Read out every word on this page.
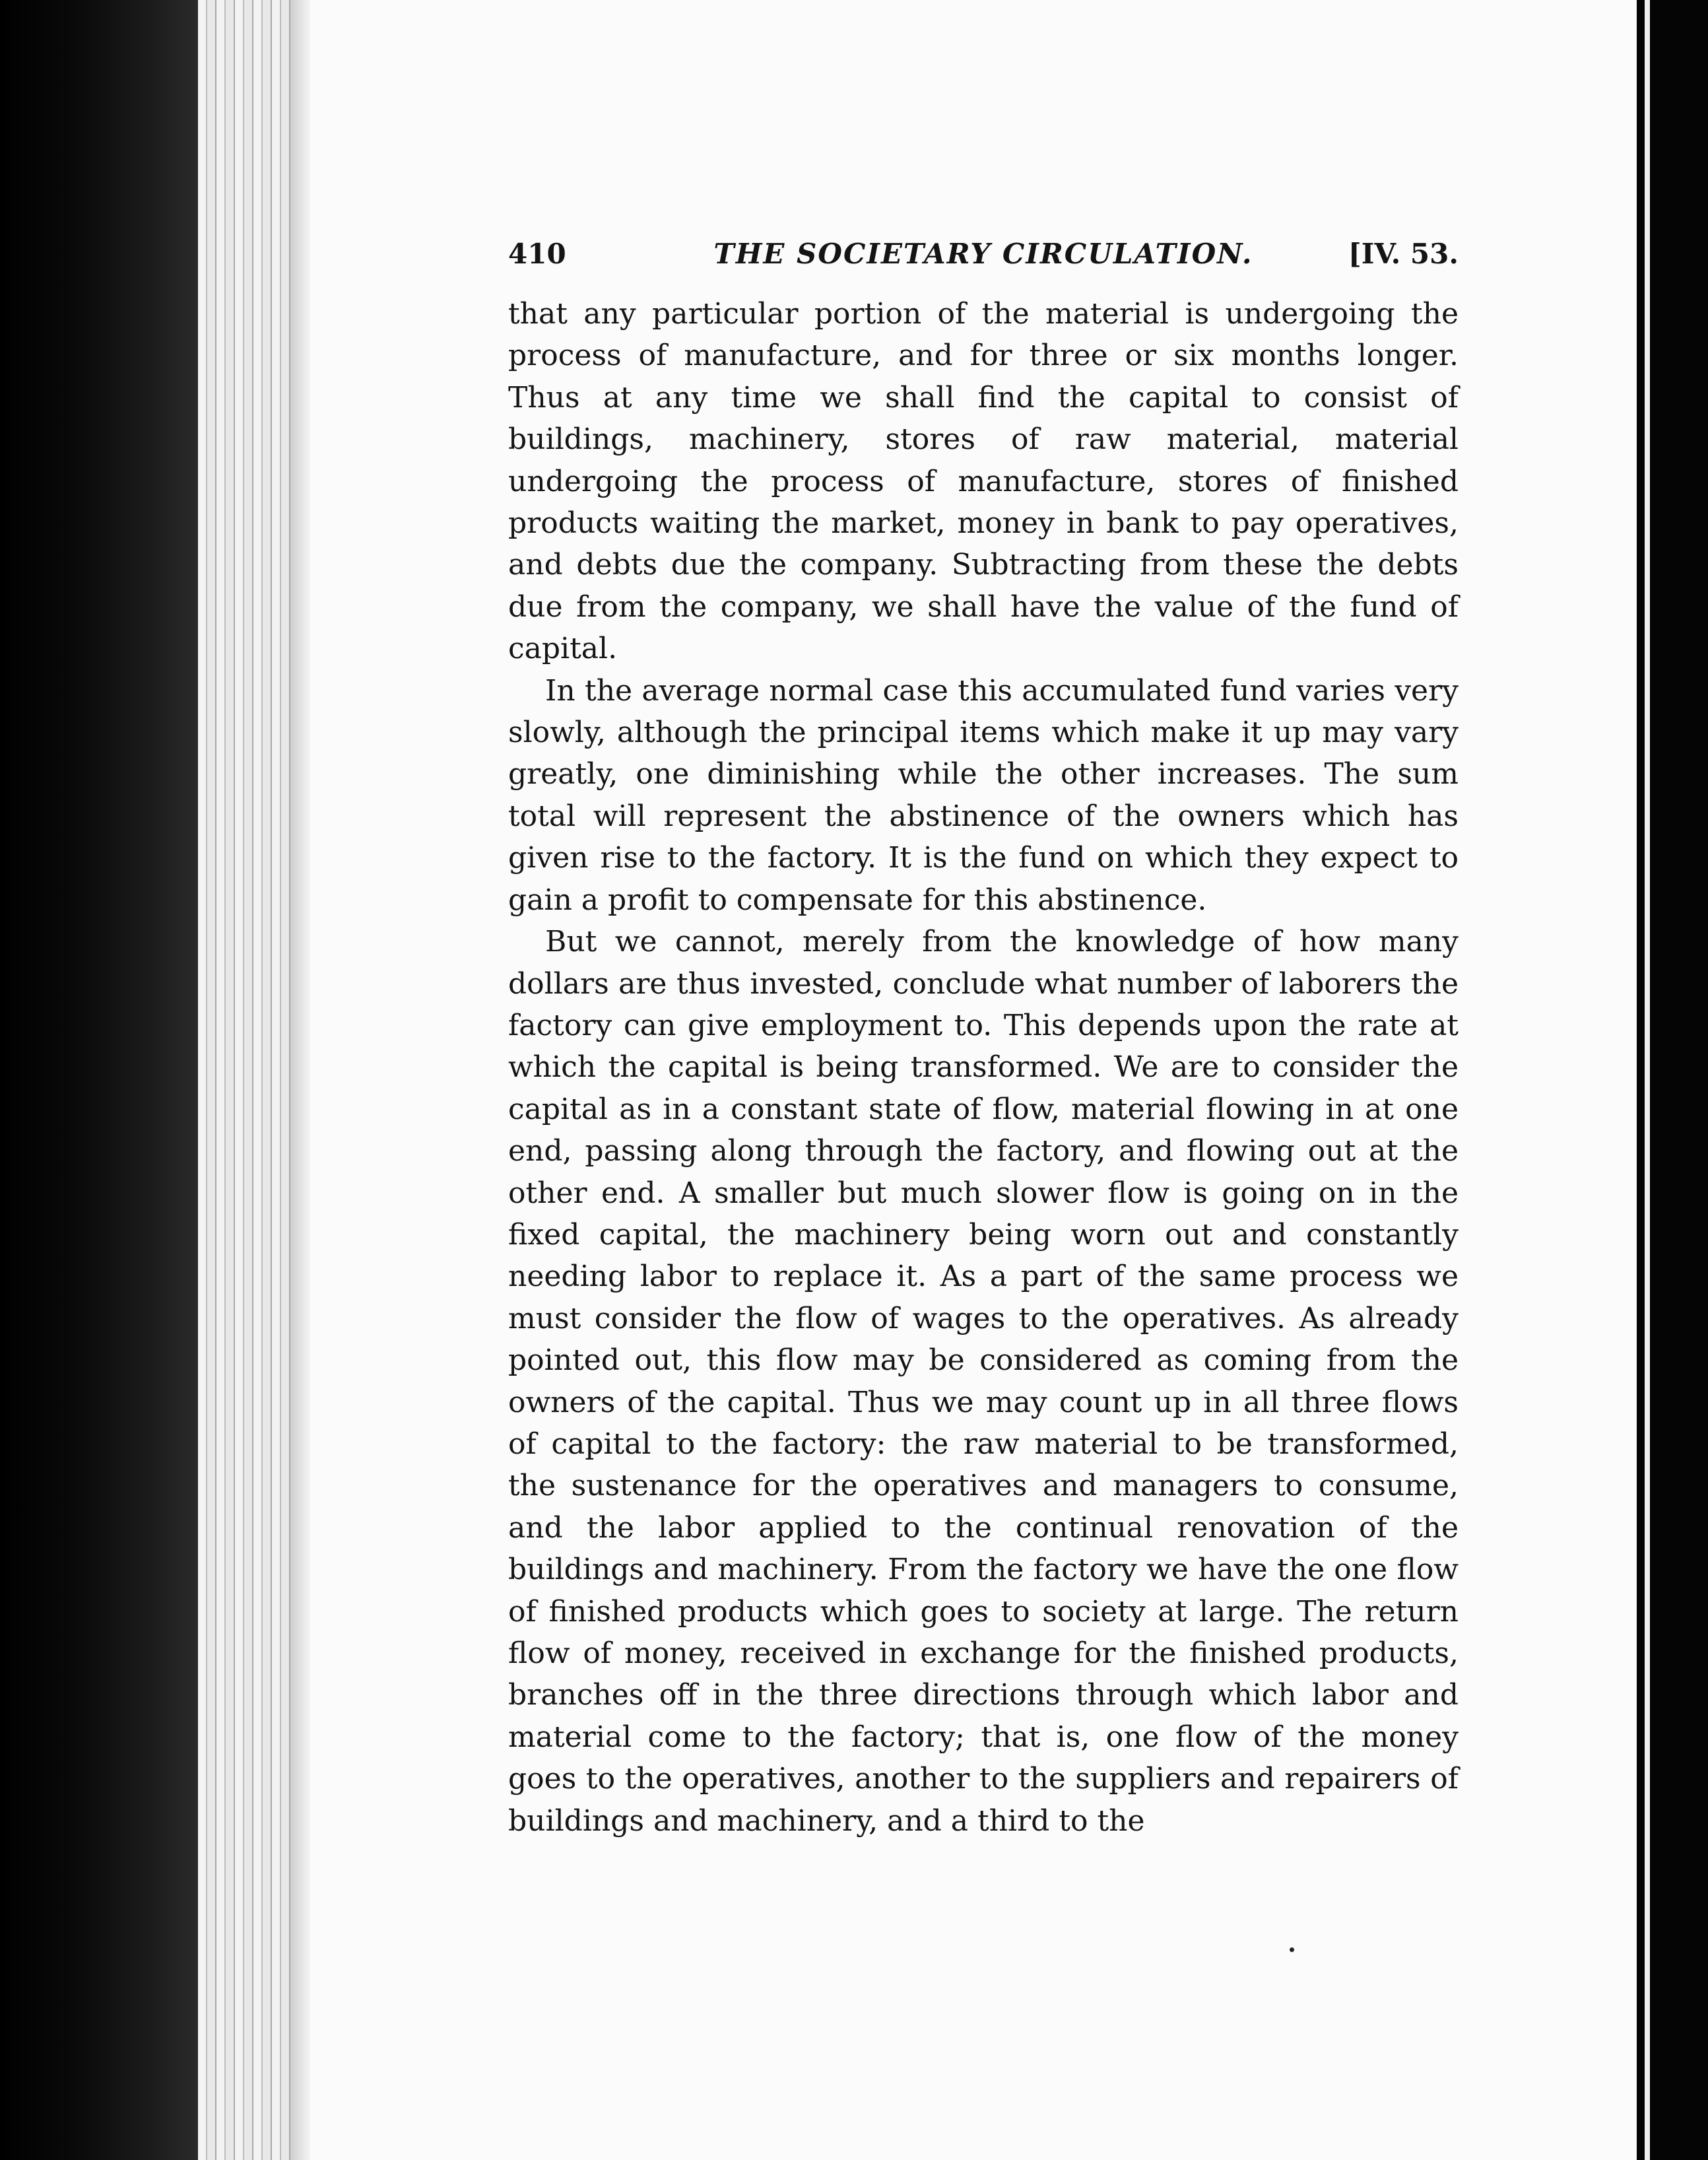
410	THE SOCIETARY CIRCULATION.	[IV. 53.

that any particular portion of the material is undergoing the process of manufacture, and for three or six months longer. Thus at any time we shall find the capital to consist of buildings, machinery, stores of raw material, material undergoing the process of manufacture, stores of finished products waiting the market, money in bank to pay operatives, and debts due the company. Subtracting from these the debts due from the company, we shall have the value of the fund of capital.

In the average normal case this accumulated fund varies very slowly, although the principal items which make it up may vary greatly, one diminishing while the other increases. The sum total will represent the abstinence of the owners which has given rise to the factory. It is the fund on which they expect to gain a profit to compensate for this abstinence.

But we cannot, merely from the knowledge of how many dollars are thus invested, conclude what number of laborers the factory can give employment to. This depends upon the rate at which the capital is being transformed. We are to consider the capital as in a constant state of flow, material flowing in at one end, passing along through the factory, and flowing out at the other end. A smaller but much slower flow is going on in the fixed capital, the machinery being worn out and constantly needing labor to replace it. As a part of the same process we must consider the flow of wages to the operatives. As already pointed out, this flow may be considered as coming from the owners of the capital. Thus we may count up in all three flows of capital to the factory: the raw material to be transformed, the sustenance for the operatives and managers to consume, and the labor applied to the continual renovation of the buildings and machinery. From the factory we have the one flow of finished products which goes to society at large. The return flow of money, received in exchange for the finished products, branches off in the three directions through which labor and material come to the factory; that is, one flow of the money goes to the operatives, another to the suppliers and repairers of buildings and machinery, and a third to the
